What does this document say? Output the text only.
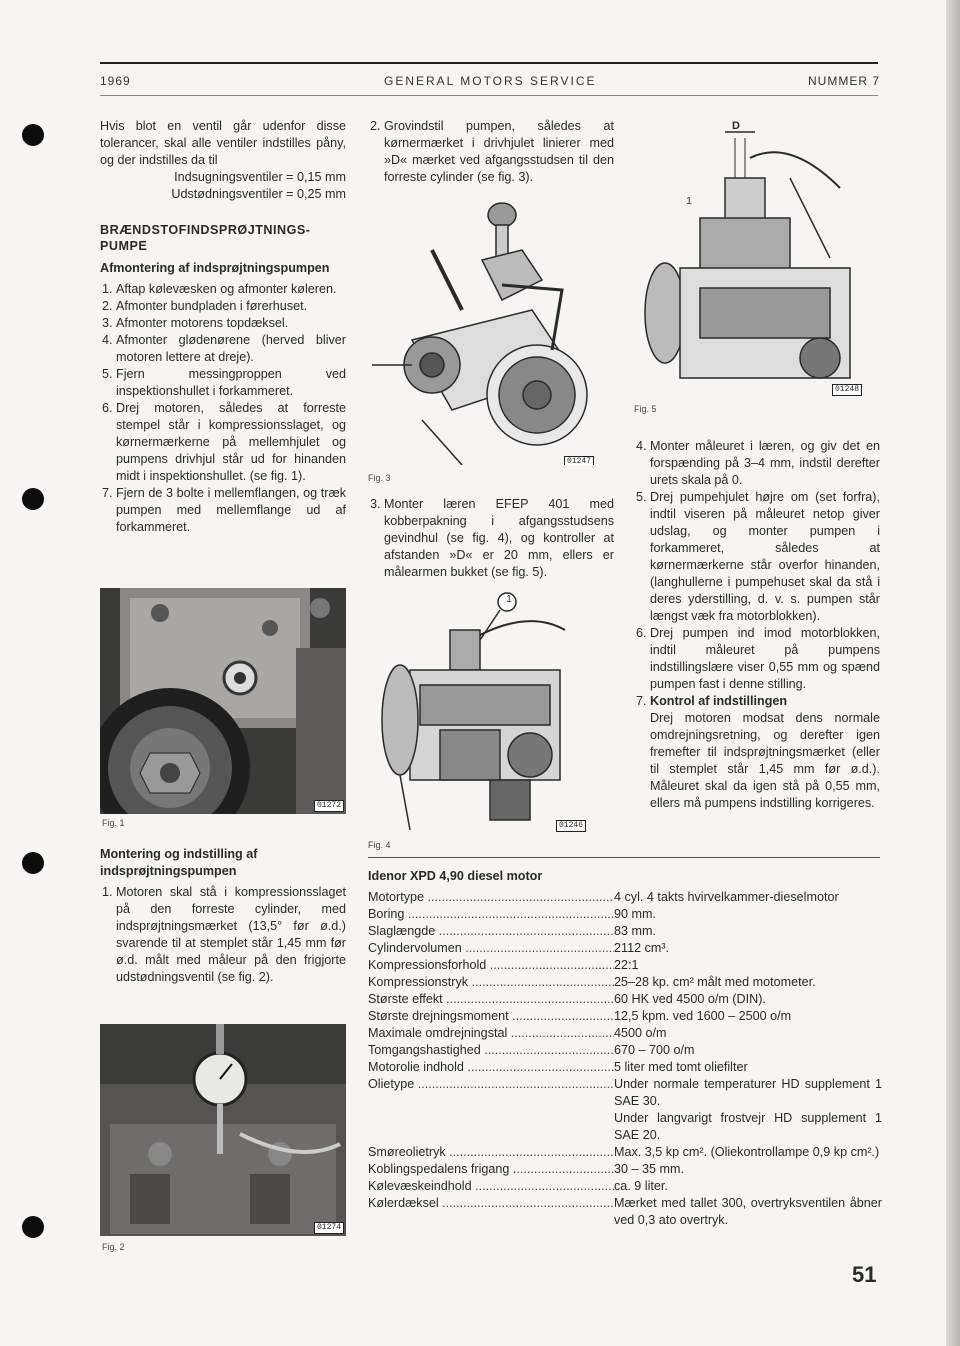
1969	GENERAL MOTORS SERVICE	NUMMER 7
Hvis blot en ventil går udenfor disse tolerancer, skal alle ventiler indstilles påny, og der indstilles da til
Indsugningsventiler = 0,15 mm
Udstødningsventiler = 0,25 mm
BRÆNDSTOFINDSPRØJTNINGS-PUMPE
Afmontering af indsprøjtningspumpen
1. Aftap kølevæsken og afmonter køleren.
2. Afmonter bundpladen i førerhuset.
3. Afmonter motorens topdæksel.
4. Afmonter glødenørene (herved bliver motoren lettere at dreje).
5. Fjern messingproppen ved inspektionshullet i forkammeret.
6. Drej motoren, således at forreste stempel står i kompressionsslaget, og kørnermærkerne på mellemhjulet og pumpens drivhjul står ud for hinanden midt i inspektionshullet. (se fig. 1).
7. Fjern de 3 bolte i mellemflangen, og træk pumpen med mellemflange ud af forkammeret.
01272
Fig. 1
Montering og indstilling af indsprøjtningspumpen
1. Motoren skal stå i kompressionsslaget på den forreste cylinder, med indsprøjtningsmærket (13,5° før ø.d.) svarende til at stemplet står 1,45 mm før ø.d. målt med måleur på den frigjorte udstødningsventil (se fig. 2).
01274
Fig. 2
2. Grovindstil pumpen, således at kørnermærket i drivhjulet linierer med »D« mærket ved afgangsstudsen til den forreste cylinder (se fig. 3).
01247
Fig. 3
3. Monter læren EFEP 401 med kobberpakning i afgangsstudsens gevindhul (se fig. 4), og kontroller at afstanden »D« er 20 mm, ellers er målearmen bukket (se fig. 5).
1
01246
Fig. 4
D
1
01248
Fig. 5
4. Monter måleuret i læren, og giv det en forspænding på 3–4 mm, indstil derefter urets skala på 0.
5. Drej pumpehjulet højre om (set forfra), indtil viseren på måleuret netop giver udslag, og monter pumpen i forkammeret, således at kørnermærkerne står overfor hinanden, (langhullerne i pumpehuset skal da stå i deres yderstilling, d. v. s. pumpen står længst væk fra motorblokken).
6. Drej pumpen ind imod motorblokken, indtil måleuret på pumpens indstillingslære viser 0,55 mm og spænd pumpen fast i denne stilling.
7. Kontrol af indstillingen
Drej motoren modsat dens normale omdrejningsretning, og derefter igen fremefter til indsprøjtningsmærket (eller til stemplet står 1,45 mm før ø.d.). Måleuret skal da igen stå på 0,55 mm, ellers må pumpens indstilling korrigeres.
Idenor XPD 4,90 diesel motor
Motortype .....	4 cyl. 4 takts hvirvelkammer-dieselmotor
Boring .....	90 mm.
Slaglængde .....	83 mm.
Cylindervolumen .....	2112 cm³.
Kompressionsforhold .....	22:1
Kompressionstryk .....	25–28 kp. cm² målt med motometer.
Største effekt .....	60 HK ved 4500 o/m (DIN).
Største drejningsmoment .....	12,5 kpm. ved 1600 – 2500 o/m
Maximale omdrejningstal .....	4500 o/m
Tomgangshastighed .....	670 – 700 o/m
Motorolie indhold .....	5 liter med tomt oliefilter
Olietype .....	Under normale temperaturer HD supplement 1 SAE 30.
Under langvarigt frostvejr HD supplement 1 SAE 20.
Smøreolietryk .....	Max. 3,5 kp cm². (Oliekontrollampe 0,9 kp cm².)
Koblingspedalens frigang .....	30 – 35 mm.
Kølevæskeindhold .....	ca. 9 liter.
Kølerdæksel .....	Mærket med tallet 300, overtryksventilen åbner ved 0,3 ato overtryk.
51
